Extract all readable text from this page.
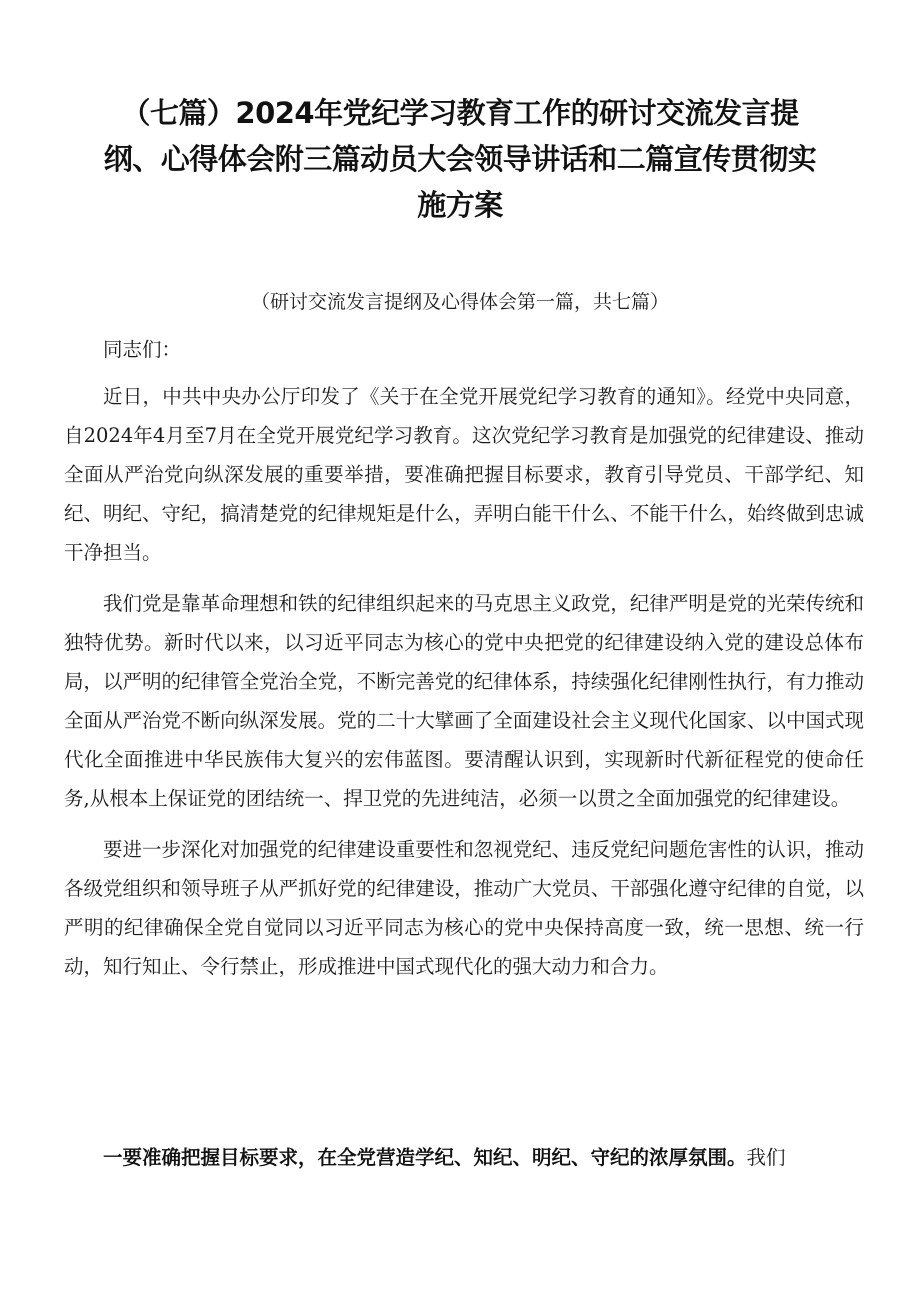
（七篇）2024年党纪学习教育工作的研讨交流发言提纲、心得体会附三篇动员大会领导讲话和二篇宣传贯彻实施方案

（研讨交流发言提纲及心得体会第一篇，共七篇）

同志们：

近日，中共中央办公厅印发了《关于在全党开展党纪学习教育的通知》。经党中央同意，自2024年4月至7月在全党开展党纪学习教育。这次党纪学习教育是加强党的纪律建设、推动全面从严治党向纵深发展的重要举措，要准确把握目标要求，教育引导党员、干部学纪、知纪、明纪、守纪，搞清楚党的纪律规矩是什么，弄明白能干什么、不能干什么，始终做到忠诚干净担当。

我们党是靠革命理想和铁的纪律组织起来的马克思主义政党，纪律严明是党的光荣传统和独特优势。新时代以来，以习近平同志为核心的党中央把党的纪律建设纳入党的建设总体布局，以严明的纪律管全党治全党，不断完善党的纪律体系，持续强化纪律刚性执行，有力推动全面从严治党不断向纵深发展。党的二十大擘画了全面建设社会主义现代化国家、以中国式现代化全面推进中华民族伟大复兴的宏伟蓝图。要清醒认识到，实现新时代新征程党的使命任务,从根本上保证党的团结统一、捍卫党的先进纯洁，必须一以贯之全面加强党的纪律建设。

要进一步深化对加强党的纪律建设重要性和忽视党纪、违反党纪问题危害性的认识，推动各级党组织和领导班子从严抓好党的纪律建设，推动广大党员、干部强化遵守纪律的自觉，以严明的纪律确保全党自觉同以习近平同志为核心的党中央保持高度一致，统一思想、统一行动，知行知止、令行禁止，形成推进中国式现代化的强大动力和合力。

一要准确把握目标要求，在全党营造学纪、知纪、明纪、守纪的浓厚氛围。我们
